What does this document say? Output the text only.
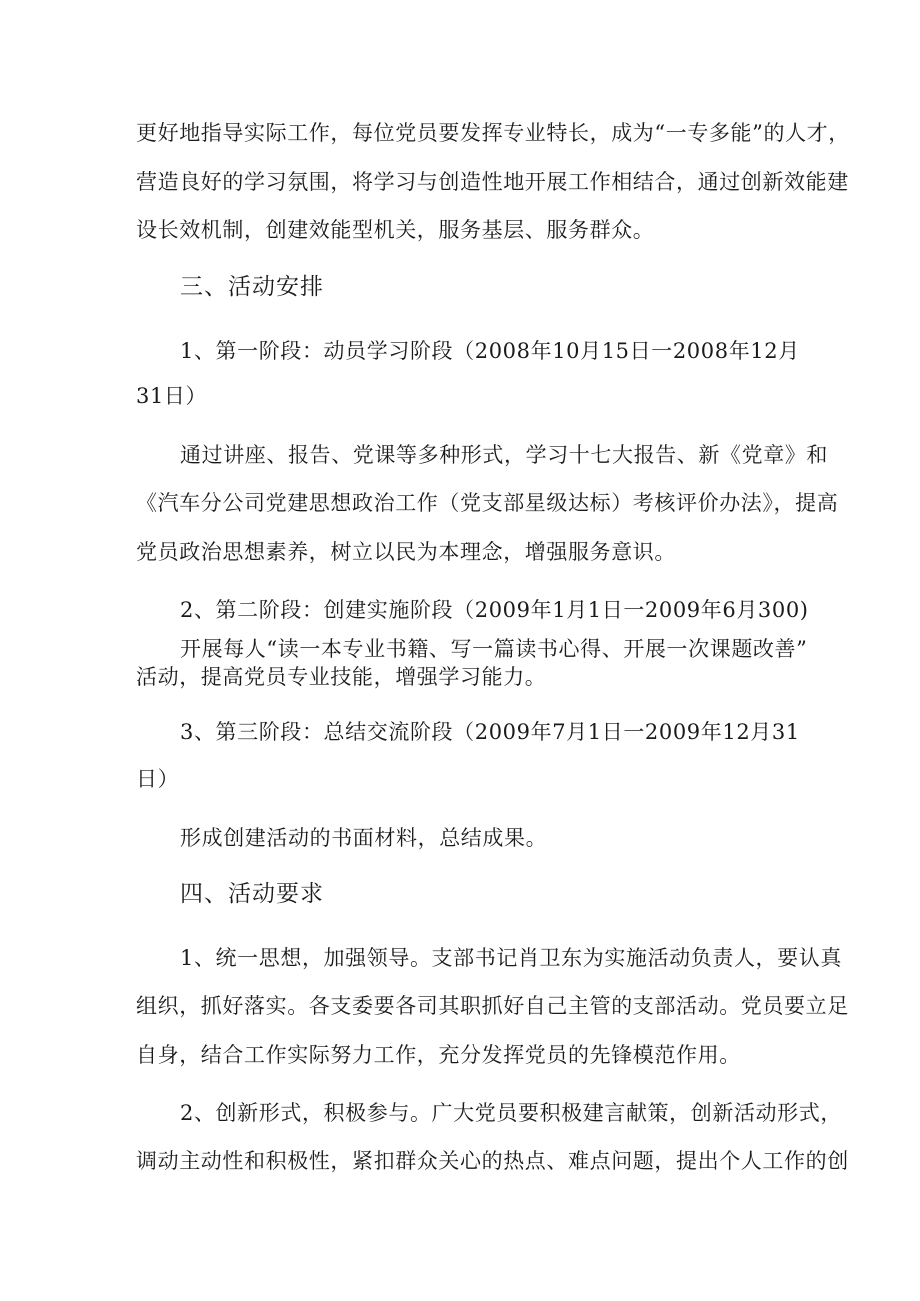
更好地指导实际工作，每位党员要发挥专业特长，成为“一专多能”的人才，
营造良好的学习氛围，将学习与创造性地开展工作相结合，通过创新效能建
设长效机制，创建效能型机关，服务基层、服务群众。
三、活动安排
1、第一阶段：动员学习阶段（2008年10月15日一2008年12月
31日）
通过讲座、报告、党课等多种形式，学习十七大报告、新《党章》和
《汽车分公司党建思想政治工作（党支部星级达标）考核评价办法》，提高
党员政治思想素养，树立以民为本理念，增强服务意识。
2、第二阶段：创建实施阶段（2009年1月1日一2009年6月300)
开展每人“读一本专业书籍、写一篇读书心得、开展一次课题改善”
活动，提高党员专业技能，增强学习能力。
3、第三阶段：总结交流阶段（2009年7月1日一2009年12月31
日）
形成创建活动的书面材料，总结成果。
四、活动要求
1、统一思想，加强领导。支部书记肖卫东为实施活动负责人，要认真
组织，抓好落实。各支委要各司其职抓好自己主管的支部活动。党员要立足
自身，结合工作实际努力工作，充分发挥党员的先锋模范作用。
2、创新形式，积极参与。广大党员要积极建言献策，创新活动形式，
调动主动性和积极性，紧扣群众关心的热点、难点问题，提出个人工作的创
